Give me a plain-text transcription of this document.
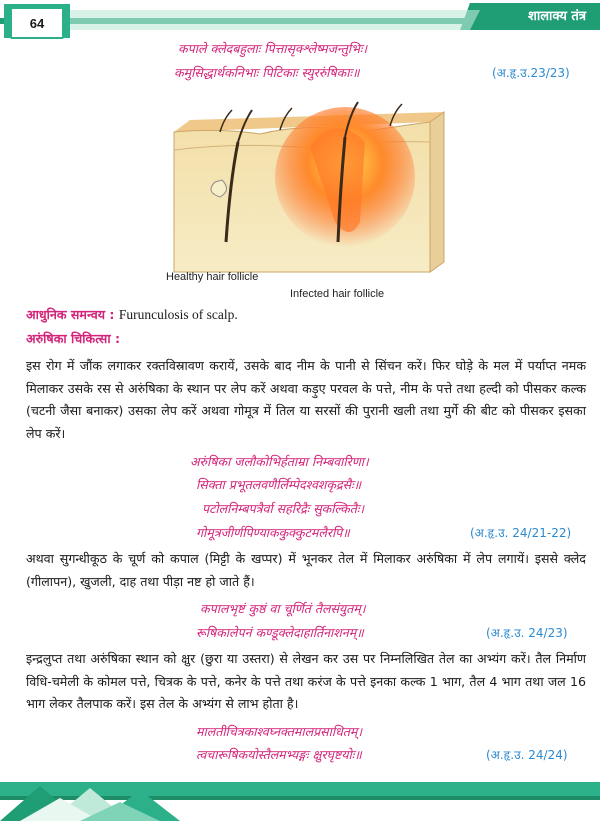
64	शालाक्य तंत्र
कपाले क्लेदबहुलाः पित्तासृक्श्लेष्मजन्तुभिः।
कमुसिद्धार्थकनिभाः पिटिकाः स्युररुंषिकाः॥	(अ.हृ.उ.23/23)
Healthy hair follicle
Infected hair follicle
आधुनिक समन्वय : Furunculosis of scalp.
अरुंषिका चिकित्सा :
इस रोग में जौंक लगाकर रक्तविस्रावण करायें, उसके बाद नीम के पानी से सिंचन करें। फिर घोड़े के मल में पर्याप्त नमक मिलाकर उसके रस से अरुंषिका के स्थान पर लेप करें अथवा कड़ुए परवल के पत्ते, नीम के पत्ते तथा हल्दी को पीसकर कल्क (चटनी जैसा बनाकर) उसका लेप करें अथवा गोमूत्र में तिल या सरसों की पुरानी खली तथा मुर्गे की बीट को पीसकर इसका लेप करें।
अरुंषिका जलौकोभिर्हताम्रा निम्बवारिणा।
सिक्ता प्रभूतलवणैर्लिम्पेदश्वशकृद्रसैः॥
पटोलनिम्बपत्रैर्वा सहरिद्रैः सुकल्कितैः।
गोमूत्रजीर्णपिण्याककुक्कुटमलैरपि॥	(अ.हृ.उ. 24/21-22)
अथवा सुगन्धीकूठ के चूर्ण को कपाल (मिट्टी के खप्पर) में भूनकर तेल में मिलाकर अरुंषिका में लेप लगायें। इससे क्लेद (गीलापन), खुजली, दाह तथा पीड़ा नष्ट हो जाते हैं।
कपालभृष्टं कुष्ठं वा चूर्णितं तैलसंयुतम्।
रूषिकालेपनं कण्डूक्लेदाहार्तिनाशनम्॥	(अ.हृ.उ. 24/23)
इन्द्रलुप्त तथा अरुंषिका स्थान को क्षुर (छुरा या उस्तरा) से लेखन कर उस पर निम्नलिखित तेल का अभ्यंग करें। तैल निर्माण विधि-चमेली के कोमल पत्ते, चित्रक के पत्ते, कनेर के पत्ते तथा करंज के पत्ते इनका कल्क 1 भाग, तैल 4 भाग तथा जल 16 भाग लेकर तैलपाक करें। इस तेल के अभ्यंग से लाभ होता है।
मालतीचित्रकाश्वघ्नक्तमालप्रसाधितम्।
त्वचारूषिकयोस्तैलमभ्यङ्गः क्षुरघृष्टयोः॥	(अ.हृ.उ. 24/24)
